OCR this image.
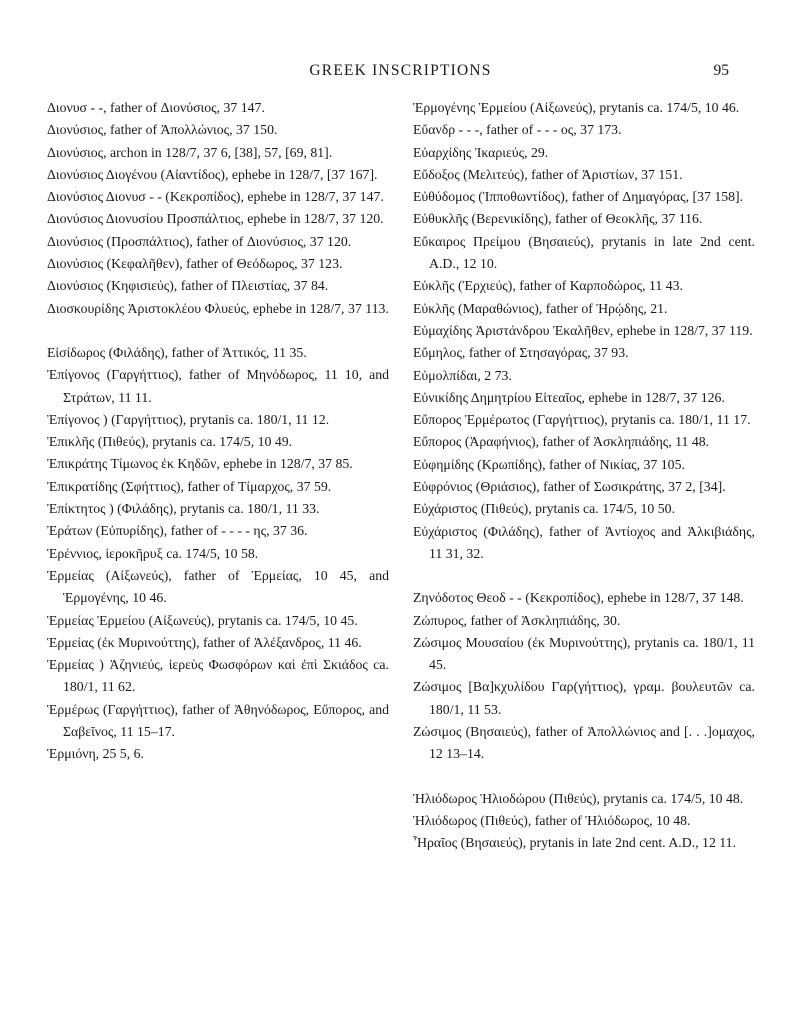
GREEK INSCRIPTIONS	95
Διονυσ - -, father of Διονύσιος, 37 147.
Διονύσιος, father of Ἀπολλώνιος, 37 150.
Διονύσιος, archon in 128/7, 37 6, [38], 57, [69, 81].
Διονύσιος Διογένου (Αἰαντίδος), ephebe in 128/7, [37 167].
Διονύσιος Διονυσ - - (Κεκροπίδος), ephebe in 128/7, 37 147.
Διονύσιος Διονυσίου Προσπάλτιος, ephebe in 128/7, 37 120.
Διονύσιος (Προσπάλτιος), father of Διονύσιος, 37 120.
Διονύσιος (Κεφαλῆθεν), father of Θεόδωρος, 37 123.
Διονύσιος (Κηφισιεύς), father of Πλειστίας, 37 84.
Διοσκουρίδης Ἀριστοκλέου Φλυεύς, ephebe in 128/7, 37 113.
Εἰσίδωρος (Φιλάδης), father of Ἀττικός, 11 35.
Ἐπίγονος (Γαργήττιος), father of Μηνόδωρος, 11 10, and Στράτων, 11 11.
Ἐπίγονος ) (Γαργήττιος), prytanis ca. 180/1, 11 12.
Ἐπικλῆς (Πιθεύς), prytanis ca. 174/5, 10 49.
Ἐπικράτης Τίμωνος ἐκ Κηδῶν, ephebe in 128/7, 37 85.
Ἐπικρατίδης (Σφήττιος), father of Τίμαρχος, 37 59.
Ἐπίκτητος ) (Φιλάδης), prytanis ca. 180/1, 11 33.
Ἐράτων (Εὐπυρίδης), father of - - - - ης, 37 36.
Ἑρέννιος, ἱεροκῆρυξ ca. 174/5, 10 58.
Ἑρμείας (Αἰξωνεύς), father of Ἑρμείας, 10 45, and Ἑρμογένης, 10 46.
Ἑρμείας Ἑρμείου (Αἰξωνεύς), prytanis ca. 174/5, 10 45.
Ἑρμείας (ἐκ Μυρινούττης), father of Ἀλέξανδρος, 11 46.
Ἑρμείας ) Ἀζηνιεύς, ἱερεὺς Φωσφόρων καὶ ἐπὶ Σκιάδος ca. 180/1, 11 62.
Ἑρμέρως (Γαργήττιος), father of Ἀθηνόδωρος, Εὔπορος, and Σαβεῖνος, 11 15–17.
Ἑρμιόνη, 25 5, 6.
Ἑρμογένης Ἑρμείου (Αἰξωνεύς), prytanis ca. 174/5, 10 46.
Εὔανδρ - - -, father of - - - ος, 37 173.
Εὐαρχίδης Ἰκαριεύς, 29.
Εὔδοξος (Μελιτεύς), father of Ἀριστίων, 37 151.
Εὐθύδομος (Ἱπποθωντίδος), father of Δημαγόρας, [37 158].
Εὐθυκλῆς (Βερενικίδης), father of Θεοκλῆς, 37 116.
Εὔκαιρος Πρείμου (Βησαιεύς), prytanis in late 2nd cent. A.D., 12 10.
Εὐκλῆς (Ἐρχιεύς), father of Καρποδώρος, 11 43.
Εὐκλῆς (Μαραθώνιος), father of Ἡρῴδης, 21.
Εὐμαχίδης Ἀριστάνδρου Ἐκαλῆθεν, ephebe in 128/7, 37 119.
Εὔμηλος, father of Στησαγόρας, 37 93.
Εὐμολπίδαι, 2 73.
Εὐνικίδης Δημητρίου Εἰτεαῖος, ephebe in 128/7, 37 126.
Εὔπορος Ἑρμέρωτος (Γαργήττιος), prytanis ca. 180/1, 11 17.
Εὔπορος (Ἀραφήνιος), father of Ἀσκληπιάδης, 11 48.
Εὐφημίδης (Κρωπίδης), father of Νικίας, 37 105.
Εὐφρόνιος (Θριάσιος), father of Σωσικράτης, 37 2, [34].
Εὐχάριστος (Πιθεύς), prytanis ca. 174/5, 10 50.
Εὐχάριστος (Φιλάδης), father of Ἀντίοχος and Ἀλκιβιάδης, 11 31, 32.
Ζηνόδοτος Θεοδ - - (Κεκροπίδος), ephebe in 128/7, 37 148.
Ζώπυρος, father of Ἀσκληπιάδης, 30.
Ζώσιμος Μουσαίου (ἐκ Μυρινούττης), prytanis ca. 180/1, 11 45.
Ζώσιμος [Βα]κχυλίδου Γαρ(γήττιος), γραμ. βουλευτῶν ca. 180/1, 11 53.
Ζώσιμος (Βησαιεύς), father of Ἀπολλώνιος and [. . .]ομαχος, 12 13–14.
Ἡλιόδωρος Ἡλιοδώρου (Πιθεύς), prytanis ca. 174/5, 10 48.
Ἡλιόδωρος (Πιθεύς), father of Ἡλιόδωρος, 10 48.
Ἧραῖος (Βησαιεύς), prytanis in late 2nd cent. A.D., 12 11.
